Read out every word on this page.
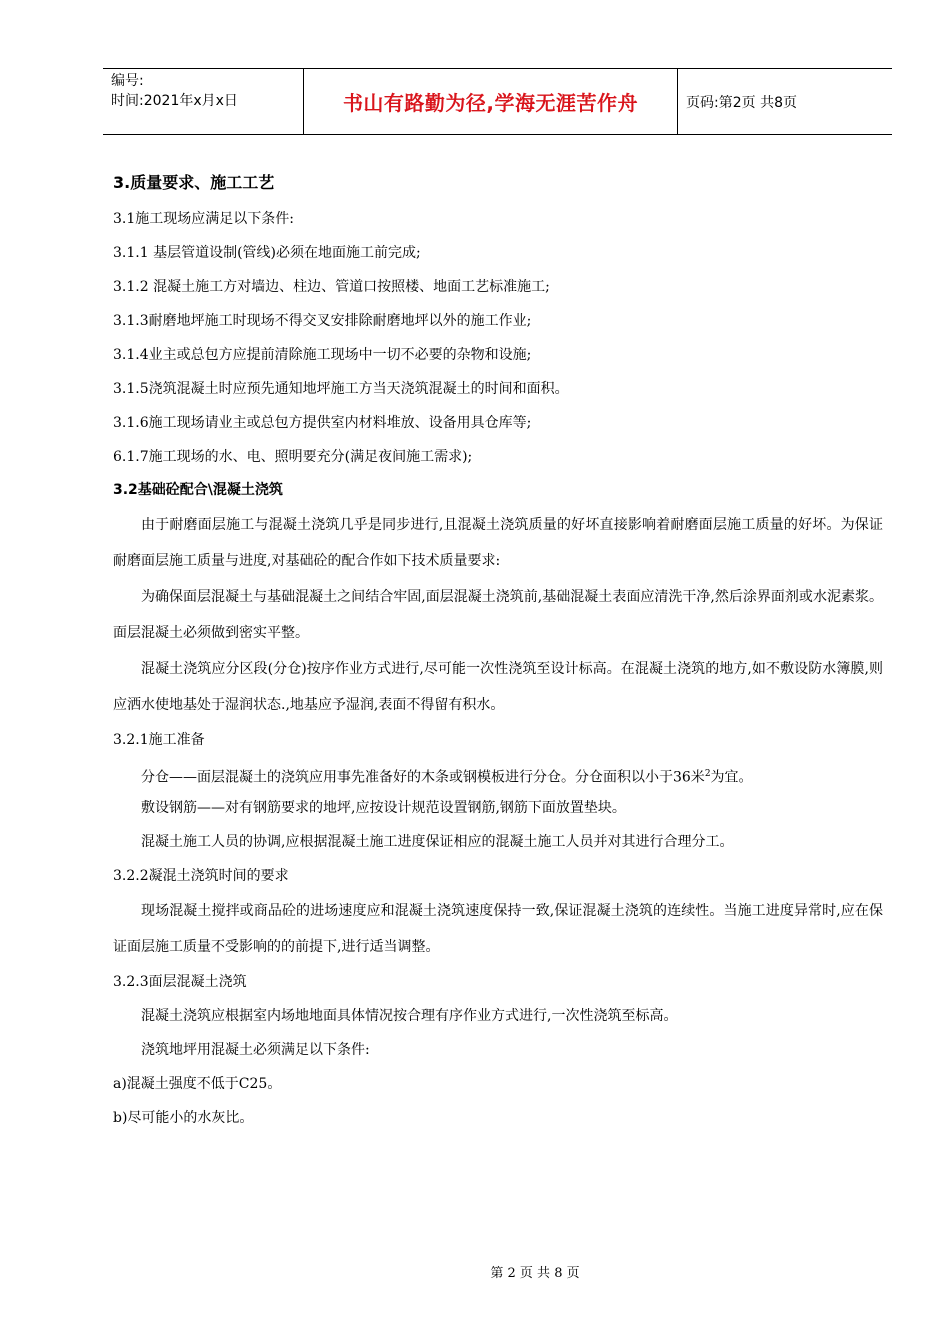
编号:
时间:2021年x月x日	书山有路勤为径,学海无涯苦作舟	页码:第2页 共8页
3.质量要求、施工工艺
3.1施工现场应满足以下条件:
3.1.1 基层管道设制(管线)必须在地面施工前完成;
3.1.2 混凝土施工方对墙边、柱边、管道口按照楼、地面工艺标准施工;
3.1.3耐磨地坪施工时现场不得交叉安排除耐磨地坪以外的施工作业;
3.1.4业主或总包方应提前清除施工现场中一切不必要的杂物和设施;
3.1.5浇筑混凝土时应预先通知地坪施工方当天浇筑混凝土的时间和面积。
3.1.6施工现场请业主或总包方提供室内材料堆放、设备用具仓库等;
6.1.7施工现场的水、电、照明要充分(满足夜间施工需求);
3.2基础砼配合\混凝土浇筑

由于耐磨面层施工与混凝土浇筑几乎是同步进行,且混凝土浇筑质量的好坏直接影响着耐磨面层施工质量的好坏。为保证耐磨面层施工质量与进度,对基础砼的配合作如下技术质量要求:

为确保面层混凝土与基础混凝土之间结合牢固,面层混凝土浇筑前,基础混凝土表面应清洗干净,然后涂界面剂或水泥素浆。面层混凝土必须做到密实平整。

混凝土浇筑应分区段(分仓)按序作业方式进行,尽可能一次性浇筑至设计标高。在混凝土浇筑的地方,如不敷设防水簿膜,则应洒水使地基处于湿润状态.,地基应予湿润,表面不得留有积水。

3.2.1施工准备
分仓——面层混凝土的浇筑应用事先准备好的木条或钢模板进行分仓。分仓面积以小于36米$^2$为宜。
敷设钢筋——对有钢筋要求的地坪,应按设计规范设置钢筋,钢筋下面放置垫块。
混凝土施工人员的协调,应根据混凝土施工进度保证相应的混凝土施工人员并对其进行合理分工。
3.2.2凝混土浇筑时间的要求

现场混凝土搅拌或商品砼的进场速度应和混凝土浇筑速度保持一致,保证混凝土浇筑的连续性。当施工进度异常时,应在保证面层施工质量不受影响的的前提下,进行适当调整。

3.2.3面层混凝土浇筑
混凝土浇筑应根据室内场地地面具体情况按合理有序作业方式进行,一次性浇筑至标高。
浇筑地坪用混凝土必须满足以下条件:
a)混凝土强度不低于C25。
b)尽可能小的水灰比。
第 2 页 共 8 页
